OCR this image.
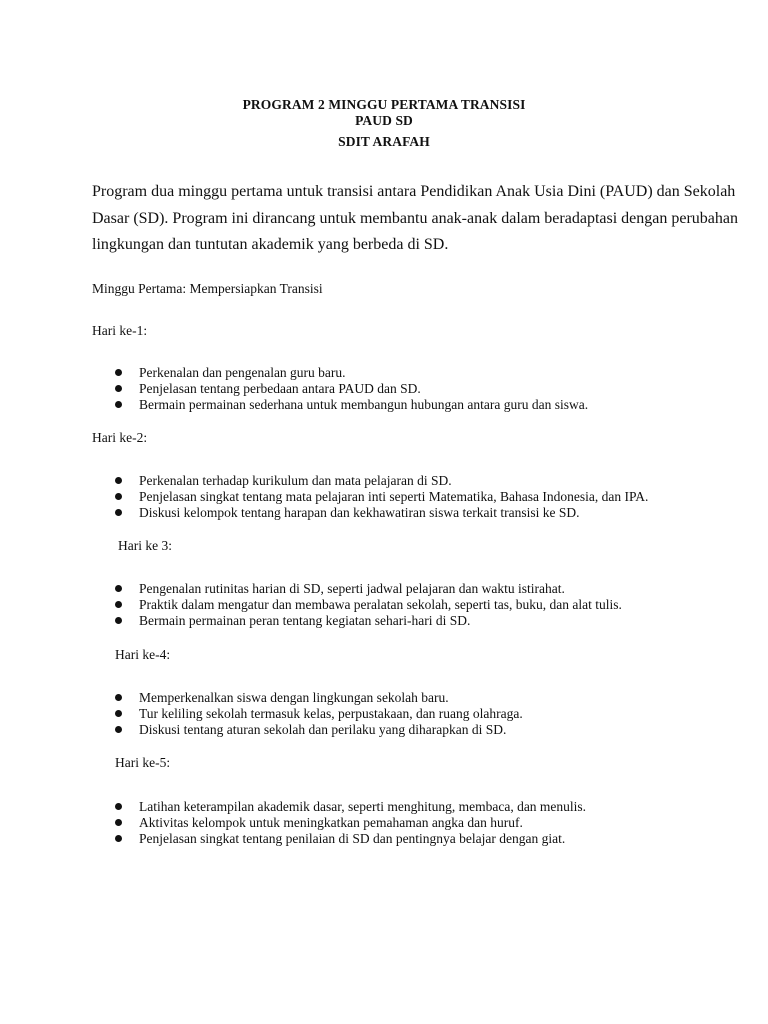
PROGRAM 2 MINGGU PERTAMA TRANSISI
PAUD SD
SDIT ARAFAH
Program dua minggu pertama untuk transisi antara Pendidikan Anak Usia Dini (PAUD) dan Sekolah
Dasar (SD). Program ini dirancang untuk membantu anak-anak dalam beradaptasi dengan perubahan
lingkungan dan tuntutan akademik yang berbeda di SD.
Minggu Pertama: Mempersiapkan Transisi
Hari ke-1:
Perkenalan dan pengenalan guru baru.
Penjelasan tentang perbedaan antara PAUD dan SD.
Bermain permainan sederhana untuk membangun hubungan antara guru dan siswa.
Hari ke-2:
Perkenalan terhadap kurikulum dan mata pelajaran di SD.
Penjelasan singkat tentang mata pelajaran inti seperti Matematika, Bahasa Indonesia, dan IPA.
Diskusi kelompok tentang harapan dan kekhawatiran siswa terkait transisi ke SD.
Hari ke 3:
Pengenalan rutinitas harian di SD, seperti jadwal pelajaran dan waktu istirahat.
Praktik dalam mengatur dan membawa peralatan sekolah, seperti tas, buku, dan alat tulis.
Bermain permainan peran tentang kegiatan sehari-hari di SD.
Hari ke-4:
Memperkenalkan siswa dengan lingkungan sekolah baru.
Tur keliling sekolah termasuk kelas, perpustakaan, dan ruang olahraga.
Diskusi tentang aturan sekolah dan perilaku yang diharapkan di SD.
Hari ke-5:
Latihan keterampilan akademik dasar, seperti menghitung, membaca, dan menulis.
Aktivitas kelompok untuk meningkatkan pemahaman angka dan huruf.
Penjelasan singkat tentang penilaian di SD dan pentingnya belajar dengan giat.
